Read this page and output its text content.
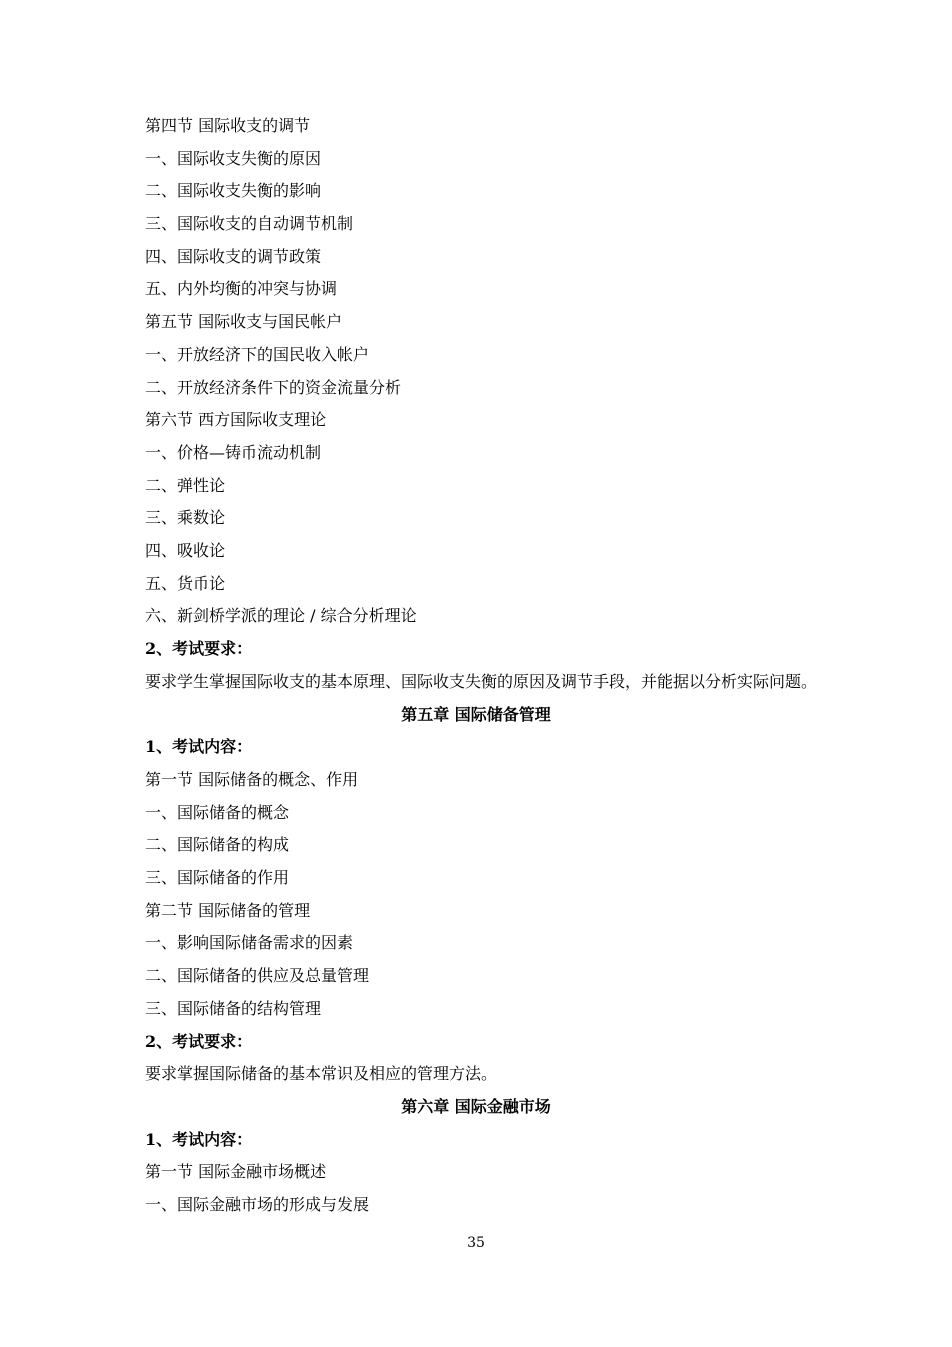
第四节 国际收支的调节
一、国际收支失衡的原因
二、国际收支失衡的影响
三、国际收支的自动调节机制
四、国际收支的调节政策
五、内外均衡的冲突与协调
第五节 国际收支与国民帐户
一、开放经济下的国民收入帐户
二、开放经济条件下的资金流量分析
第六节 西方国际收支理论
一、价格—铸币流动机制
二、弹性论
三、乘数论
四、吸收论
五、货币论
六、新剑桥学派的理论 / 综合分析理论
2、考试要求：
要求学生掌握国际收支的基本原理、国际收支失衡的原因及调节手段，并能据以分析实际问题。
第五章 国际储备管理
1、考试内容：
第一节 国际储备的概念、作用
一、国际储备的概念
二、国际储备的构成
三、国际储备的作用
第二节 国际储备的管理
一、影响国际储备需求的因素
二、国际储备的供应及总量管理
三、国际储备的结构管理
2、考试要求：
要求掌握国际储备的基本常识及相应的管理方法。
第六章 国际金融市场
1、考试内容：
第一节 国际金融市场概述
一、国际金融市场的形成与发展
35
